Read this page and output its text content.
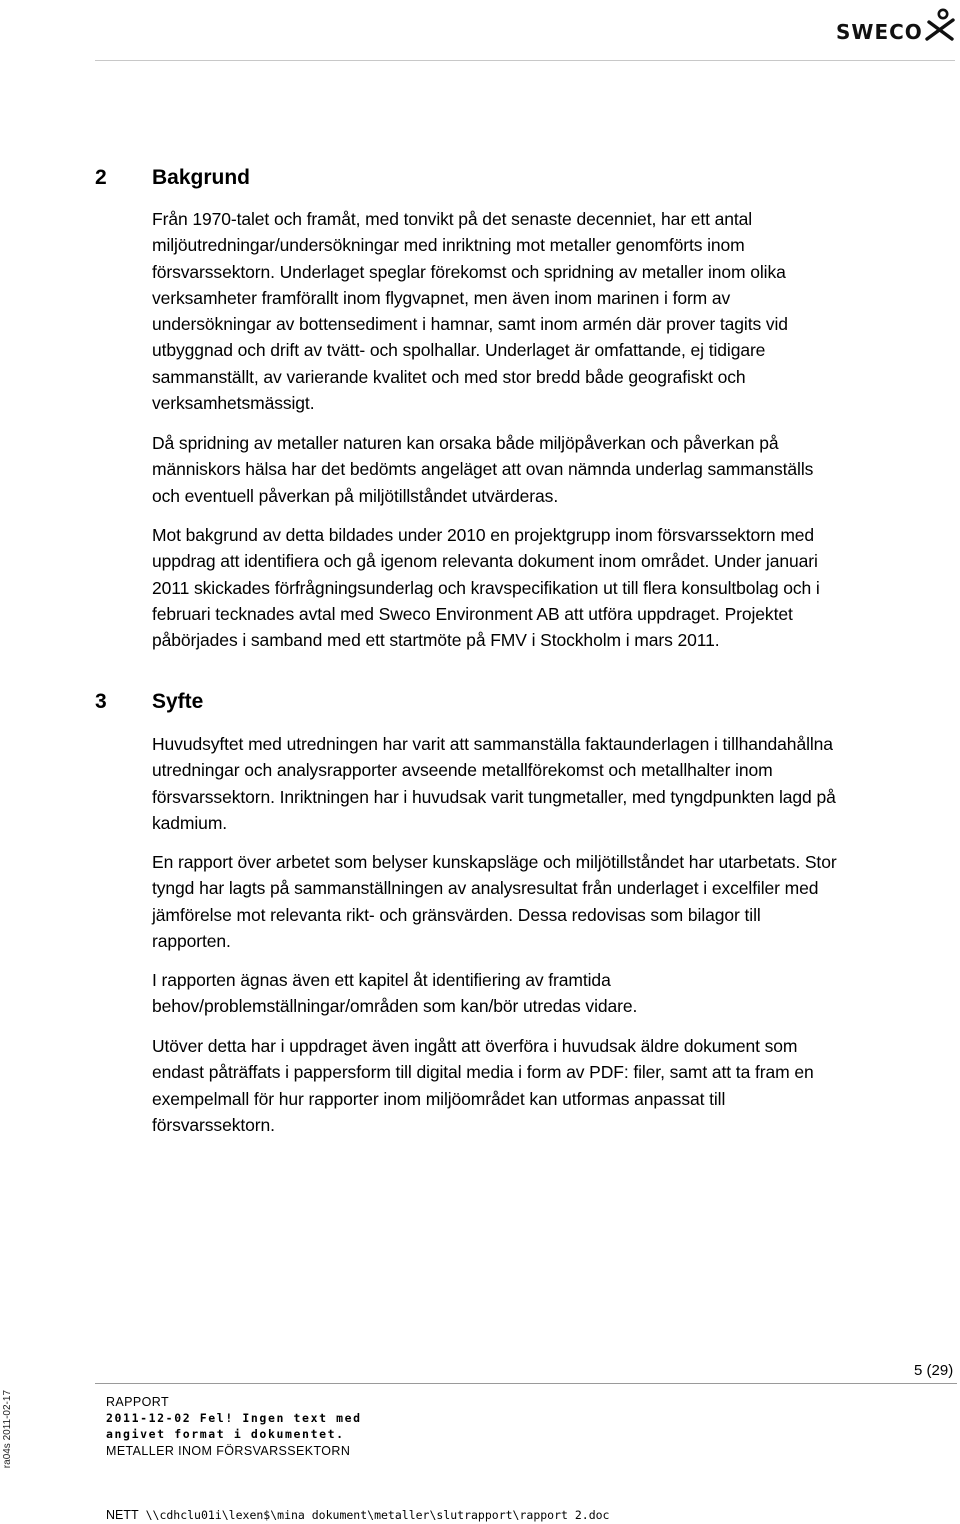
SWECO
2 Bakgrund

Från 1970-talet och framåt, med tonvikt på det senaste decenniet, har ett antal
miljöutredningar/undersökningar med inriktning mot metaller genomförts inom
försvarssektorn. Underlaget speglar förekomst och spridning av metaller inom olika
verksamheter framförallt inom flygvapnet, men även inom marinen i form av
undersökningar av bottensediment i hamnar, samt inom armén där prover tagits vid
utbyggnad och drift av tvätt- och spolhallar. Underlaget är omfattande, ej tidigare
sammanställt, av varierande kvalitet och med stor bredd både geografiskt och
verksamhetsmässigt.

Då spridning av metaller naturen kan orsaka både miljöpåverkan och påverkan på
människors hälsa har det bedömts angeläget att ovan nämnda underlag sammanställs
och eventuell påverkan på miljötillståndet utvärderas.

Mot bakgrund av detta bildades under 2010 en projektgrupp inom försvarssektorn med
uppdrag att identifiera och gå igenom relevanta dokument inom området. Under januari
2011 skickades förfrågningsunderlag och kravspecifikation ut till flera konsultbolag och i
februari tecknades avtal med Sweco Environment AB att utföra uppdraget. Projektet
påbörjades i samband med ett startmöte på FMV i Stockholm i mars 2011.

3 Syfte

Huvudsyftet med utredningen har varit att sammanställa faktaunderlagen i tillhandahållna
utredningar och analysrapporter avseende metallförekomst och metallhalter inom
försvarssektorn. Inriktningen har i huvudsak varit tungmetaller, med tyngdpunkten lagd på
kadmium.

En rapport över arbetet som belyser kunskapsläge och miljötillståndet har utarbetats. Stor
tyngd har lagts på sammanställningen av analysresultat från underlaget i excelfiler med
jämförelse mot relevanta rikt- och gränsvärden. Dessa redovisas som bilagor till
rapporten.

I rapporten ägnas även ett kapitel åt identifiering av framtida
behov/problemställningar/områden som kan/bör utredas vidare.

Utöver detta har i uppdraget även ingått att överföra i huvudsak äldre dokument som
endast påträffats i pappersform till digital media i form av PDF: filer, samt att ta fram en
exempelmall för hur rapporter inom miljöområdet kan utformas anpassat till
försvarssektorn.

ra04s 2011-02-17
5 (29)
RAPPORT
2011-12-02 Fel! Ingen text med
angivet format i dokumentet.
METALLER INOM FÖRSVARSSEKTORN
NETT \\cdhclu01i\lexen$\mina dokument\metaller\slutrapport\rapport 2.doc
